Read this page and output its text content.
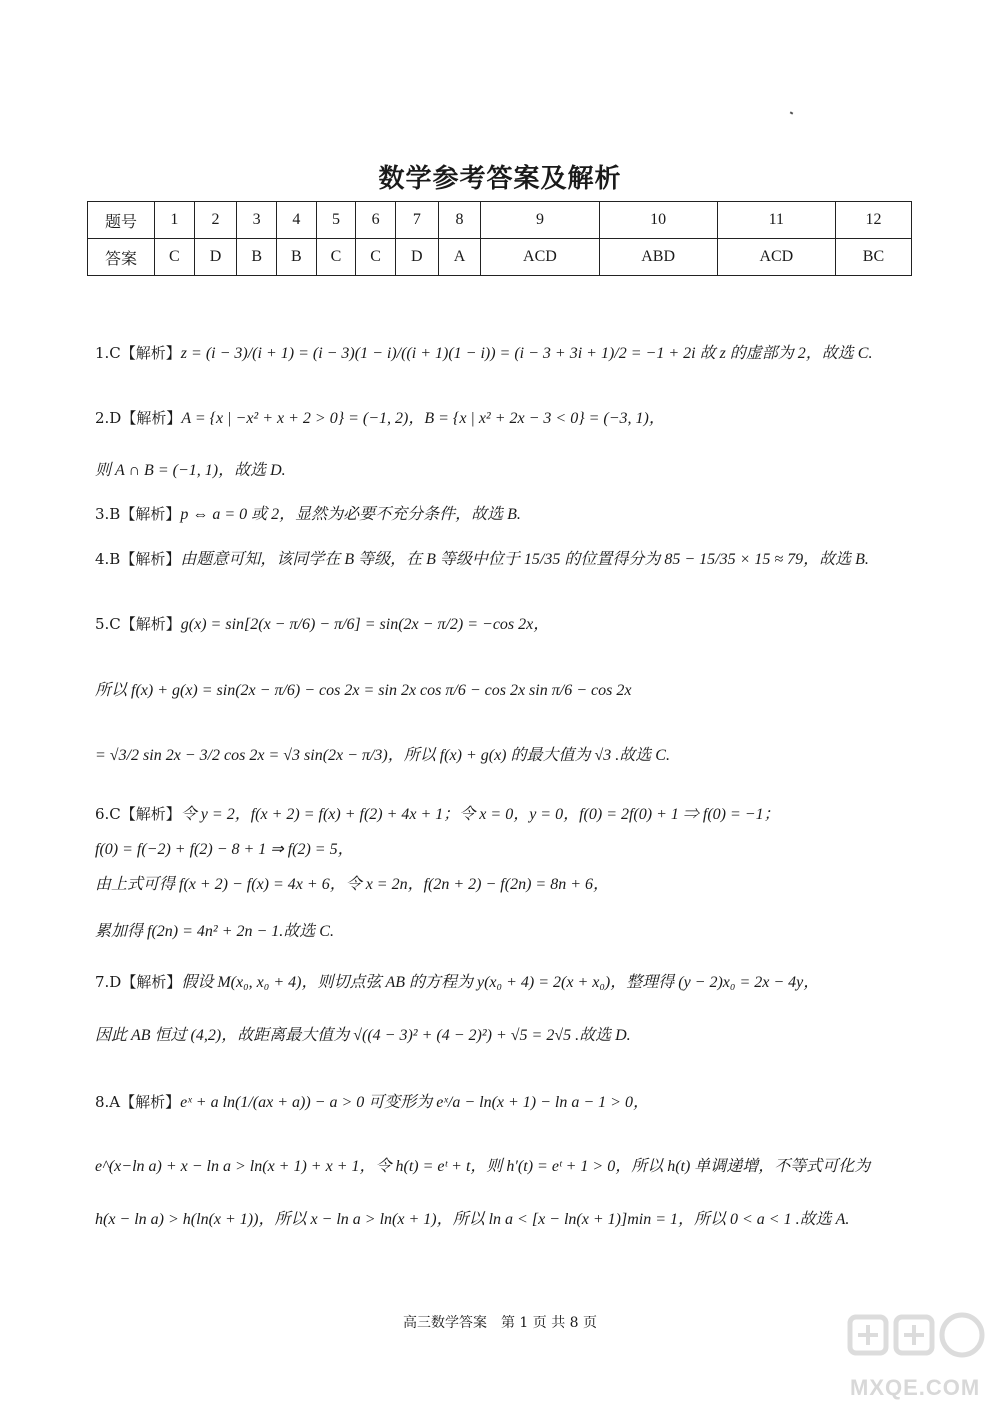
数学参考答案及解析
题号	1	2	3	4	5	6	7	8	9	10	11	12
答案	C	D	B	B	C	C	D	A	ACD	ABD	ACD	BC
1.C【解析】z = (i − 3)/(i + 1) = (i − 3)(1 − i)/((i + 1)(1 − i)) = (i − 3 + 3i + 1)/2 = −1 + 2i 故 z 的虚部为 2，故选 C.
2.D【解析】A = {x | −x² + x + 2 > 0} = (−1, 2)，B = {x | x² + 2x − 3 < 0} = (−3, 1)，
则 A ∩ B = (−1, 1)，故选 D.
3.B【解析】p ⇔ a = 0 或 2，显然为必要不充分条件，故选 B.
4.B【解析】由题意可知，该同学在 B 等级，在 B 等级中位于 15/35 的位置得分为 85 − 15/35 × 15 ≈ 79，故选 B.
5.C【解析】g(x) = sin[2(x − π/6) − π/6] = sin(2x − π/2) = −cos 2x，
所以 f(x) + g(x) = sin(2x − π/6) − cos 2x = sin 2x cos π/6 − cos 2x sin π/6 − cos 2x
= √3/2 sin 2x − 3/2 cos 2x = √3 sin(2x − π/3)，所以 f(x) + g(x) 的最大值为 √3 .故选 C.
6.C【解析】令 y = 2，f(x + 2) = f(x) + f(2) + 4x + 1；令 x = 0，y = 0，f(0) = 2f(0) + 1 ⇒ f(0) = −1；
f(0) = f(−2) + f(2) − 8 + 1 ⇒ f(2) = 5，
由上式可得 f(x + 2) − f(x) = 4x + 6，令 x = 2n，f(2n + 2) − f(2n) = 8n + 6，
累加得 f(2n) = 4n² + 2n − 1.故选 C.
7.D【解析】假设 M(x₀, x₀ + 4)，则切点弦 AB 的方程为 y(x₀ + 4) = 2(x + x₀)，整理得 (y − 2)x₀ = 2x − 4y，
因此 AB 恒过 (4,2)，故距离最大值为 √((4 − 3)² + (4 − 2)²) + √5 = 2√5 .故选 D.
8.A【解析】eˣ + a ln(1/(ax + a)) − a > 0 可变形为 eˣ/a − ln(x + 1) − ln a − 1 > 0，
e^(x−ln a) + x − ln a > ln(x + 1) + x + 1，令 h(t) = eᵗ + t，则 h′(t) = eᵗ + 1 > 0，所以 h(t) 单调递增，不等式可化为
h(x − ln a) > h(ln(x + 1))，所以 x − ln a > ln(x + 1)，所以 ln a < [x − ln(x + 1)]min = 1，所以 0 < a < 1 .故选 A.
高三数学答案　第 1 页 共 8 页
MXQE.COM
